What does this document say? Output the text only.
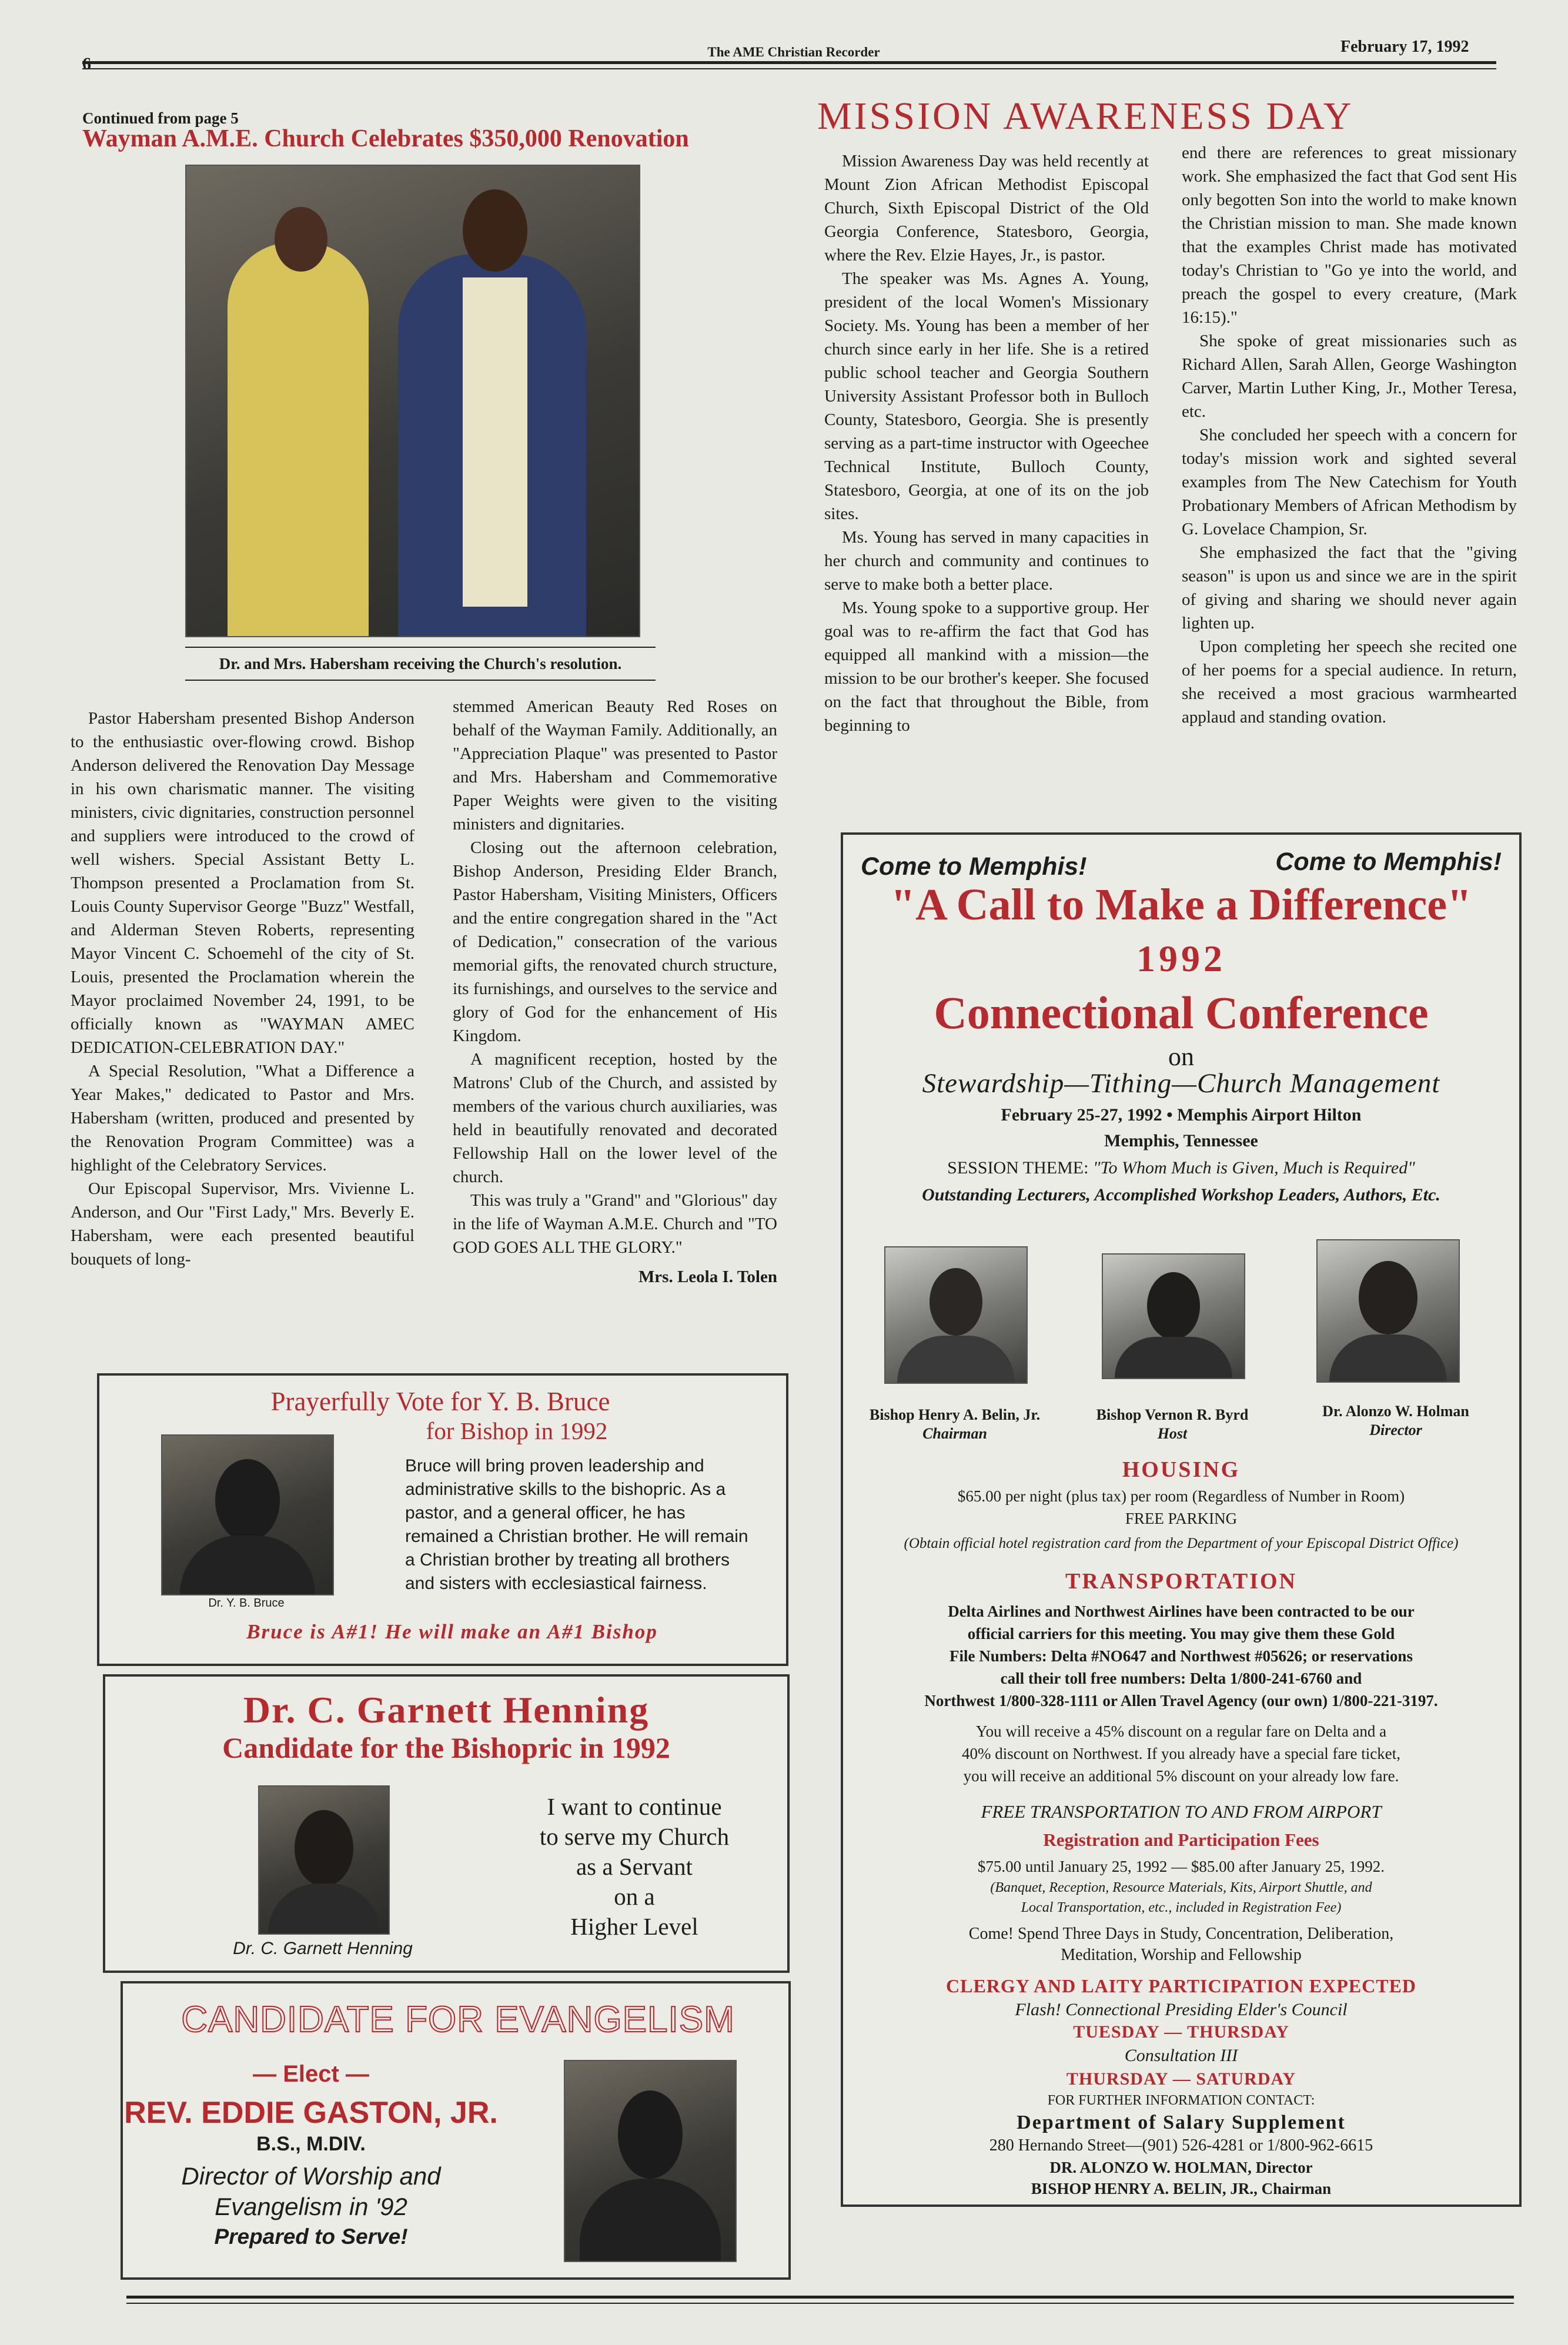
The AME Christian Recorder	February 17, 1992
Continued from page 5
Wayman A.M.E. Church Celebrates $350,000 Renovation
Dr. and Mrs. Habersham receiving the Church's resolution.

Pastor Habersham presented Bishop Anderson to the enthusiastic over-flowing crowd. Bishop Anderson delivered the Renovation Day Message in his own charismatic manner. The visiting ministers, civic dignitaries, construction personnel and suppliers were introduced to the crowd of well wishers. Special Assistant Betty L. Thompson presented a Proclamation from St. Louis County Supervisor George "Buzz" Westfall, and Alderman Steven Roberts, representing Mayor Vincent C. Schoemehl of the city of St. Louis, presented the Proclamation wherein the Mayor proclaimed November 24, 1991, to be officially known as "WAYMAN AMEC DEDICATION-CELEBRATION DAY."

A Special Resolution, "What a Difference a Year Makes," dedicated to Pastor and Mrs. Habersham (written, produced and presented by the Renovation Program Committee) was a highlight of the Celebratory Services.

Our Episcopal Supervisor, Mrs. Vivienne L. Anderson, and Our "First Lady," Mrs. Beverly E. Habersham, were each presented beautiful bouquets of long-

stemmed American Beauty Red Roses on behalf of the Wayman Family. Additionally, an "Appreciation Plaque" was presented to Pastor and Mrs. Habersham and Commemorative Paper Weights were given to the visiting ministers and dignitaries.

Closing out the afternoon celebration, Bishop Anderson, Presiding Elder Branch, Pastor Habersham, Visiting Ministers, Officers and the entire congregation shared in the "Act of Dedication," consecration of the various memorial gifts, the renovated church structure, its furnishings, and ourselves to the service and glory of God for the enhancement of His Kingdom.

A magnificent reception, hosted by the Matrons' Club of the Church, and assisted by members of the various church auxiliaries, was held in beautifully renovated and decorated Fellowship Hall on the lower level of the church.

This was truly a "Grand" and "Glorious" day in the life of Wayman A.M.E. Church and "TO GOD GOES ALL THE GLORY."

Mrs. Leola I. Tolen
Prayerfully Vote for Y. B. Bruce
for Bishop in 1992
Dr. Y. B. Bruce
Bruce will bring proven leadership and administrative skills to the bishopric. As a pastor, and a general officer, he has remained a Christian brother. He will remain a Christian brother by treating all brothers and sisters with ecclesiastical fairness.
Bruce is A#1! He will make an A#1 Bishop
Dr. C. Garnett Henning
Candidate for the Bishopric in 1992
Dr. C. Garnett Henning
I want to continue
to serve my Church
as a Servant
on a
Higher Level
CANDIDATE FOR EVANGELISM
— Elect —
REV. EDDIE GASTON, JR.
B.S., M.DIV.
Director of Worship and
Evangelism in '92
Prepared to Serve!
MISSION AWARENESS DAY

Mission Awareness Day was held recently at Mount Zion African Methodist Episcopal Church, Sixth Episcopal District of the Old Georgia Conference, Statesboro, Georgia, where the Rev. Elzie Hayes, Jr., is pastor.

The speaker was Ms. Agnes A. Young, president of the local Women's Missionary Society. Ms. Young has been a member of her church since early in her life. She is a retired public school teacher and Georgia Southern University Assistant Professor both in Bulloch County, Statesboro, Georgia. She is presently serving as a part-time instructor with Ogeechee Technical Institute, Bulloch County, Statesboro, Georgia, at one of its on the job sites.

Ms. Young has served in many capacities in her church and community and continues to serve to make both a better place.

Ms. Young spoke to a supportive group. Her goal was to re-affirm the fact that God has equipped all mankind with a mission—the mission to be our brother's keeper. She focused on the fact that throughout the Bible, from beginning to

end there are references to great missionary work. She emphasized the fact that God sent His only begotten Son into the world to make known the Christian mission to man. She made known that the examples Christ made has motivated today's Christian to "Go ye into the world, and preach the gospel to every creature, (Mark 16:15)."

She spoke of great missionaries such as Richard Allen, Sarah Allen, George Washington Carver, Martin Luther King, Jr., Mother Teresa, etc.

She concluded her speech with a concern for today's mission work and sighted several examples from The New Catechism for Youth Probationary Members of African Methodism by G. Lovelace Champion, Sr.

She emphasized the fact that the "giving season" is upon us and since we are in the spirit of giving and sharing we should never again lighten up.

Upon completing her speech she recited one of her poems for a special audience. In return, she received a most gracious warmhearted applaud and standing ovation.

Come to Memphis!	Come to Memphis!
"A Call to Make a Difference"
1992
Connectional Conference
on
Stewardship—Tithing—Church Management
February 25-27, 1992 • Memphis Airport Hilton
Memphis, Tennessee
SESSION THEME: "To Whom Much is Given, Much is Required"
Outstanding Lecturers, Accomplished Workshop Leaders, Authors, Etc.
Bishop Henry A. Belin, Jr.
Chairman
Bishop Vernon R. Byrd
Host
Dr. Alonzo W. Holman
Director
HOUSING
$65.00 per night (plus tax) per room (Regardless of Number in Room)
FREE PARKING
(Obtain official hotel registration card from the Department of your Episcopal District Office)
TRANSPORTATION
Delta Airlines and Northwest Airlines have been contracted to be our
official carriers for this meeting. You may give them these Gold
File Numbers: Delta #NO647 and Northwest #05626; or reservations
call their toll free numbers: Delta 1/800-241-6760 and
Northwest 1/800-328-1111 or Allen Travel Agency (our own) 1/800-221-3197.
You will receive a 45% discount on a regular fare on Delta and a
40% discount on Northwest. If you already have a special fare ticket,
you will receive an additional 5% discount on your already low fare.
FREE TRANSPORTATION TO AND FROM AIRPORT
Registration and Participation Fees
$75.00 until January 25, 1992 — $85.00 after January 25, 1992.
(Banquet, Reception, Resource Materials, Kits, Airport Shuttle, and
Local Transportation, etc., included in Registration Fee)
Come! Spend Three Days in Study, Concentration, Deliberation,
Meditation, Worship and Fellowship
CLERGY AND LAITY PARTICIPATION EXPECTED
Flash! Connectional Presiding Elder's Council
TUESDAY — THURSDAY
Consultation III
THURSDAY — SATURDAY
FOR FURTHER INFORMATION CONTACT:
Department of Salary Supplement
280 Hernando Street—(901) 526-4281 or 1/800-962-6615
DR. ALONZO W. HOLMAN, Director
BISHOP HENRY A. BELIN, JR., Chairman
